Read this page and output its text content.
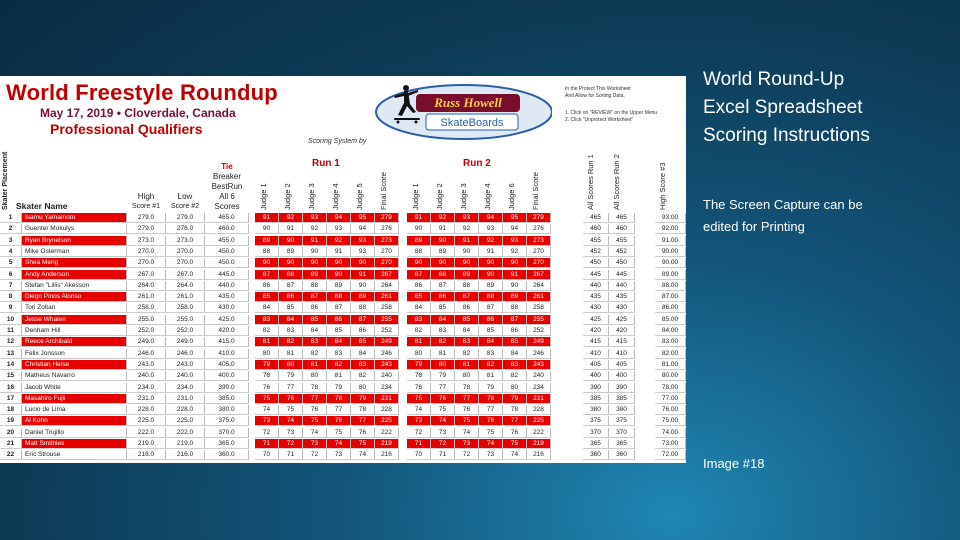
World Freestyle Roundup
May 17, 2019 • Cloverdale, Canada
Professional Qualifiers
Russ Howell
SkateBoards
Scoring System by
In the Protect This Worksheet
And Allow for Sorting Data,
1. Click on "REVIEW" on the Upper Menu
2. Click "Unprotect Worksheet"
Skater Placement Skater Name
High
Score #1
Low
Score #2
Tie
Breaker
BestRun
All 6
Scores
Run 1	Run 2
Judge 1 Judge 2 Judge 3 Judge 4 Judge 5 Final Score	Judge 1 Judge 2 Judge 3 Judge 4 Judge 6 Final Score	All Scores Run 1 All Scores Run 2	High Score #3
1	Isamu Yamamoto	279.0	279.0	465.0	91	92	93	94	95	279	91	92	93	94	95	279	465	465	93.00
2	Guenter Mokulys	279.0	276.0	460.0	90	91	92	93	94	276	90	91	92	93	94	276	460	460	92.00
3	Ryan Brynelson	273.0	273.0	455.0	89	90	91	92	93	273	89	90	91	92	93	273	455	455	91.00
4	Mike Osterman	270.0	270.0	450.0	88	89	90	91	93	270	88	89	90	91	92	270	452	452	90.00
5	Shea Meng	270.0	270.0	450.0	90	90	90	90	90	270	90	90	90	90	90	270	450	450	90.00
6	Andy Anderson	267.0	267.0	445.0	87	88	89	90	91	267	87	88	89	90	91	267	445	445	89.00
7	Stefan "Lillis" Akesson	264.0	264.0	440.0	86	87	88	89	90	264	86	87	88	89	90	264	440	440	88.00
8	Diego Pinos Alonso	261.0	261.0	435.0	85	86	87	88	89	261	85	86	87	88	89	261	435	435	87.00
9	Tori Zoltan	258.0	258.0	430.0	84	85	86	87	88	258	84	85	86	87	88	258	430	430	86.00
10	Jesse Whalen	255.0	255.0	425.0	83	84	85	86	87	255	83	84	85	86	87	255	425	425	85.00
11	Denham Hill	252.0	252.0	420.0	82	83	84	85	86	252	82	83	84	85	86	252	420	420	84.00
12	Reece Archibald	249.0	249.0	415.0	81	82	83	84	85	249	81	82	83	84	85	249	415	415	83.00
13	Felix Jonsson	246.0	246.0	410.0	80	81	82	83	84	246	80	81	82	83	84	246	410	410	82.00
14	Christian Heise	243.0	243.0	405.0	79	80	81	82	83	243	79	80	81	82	83	243	405	405	81.00
15	Matheus Navarro	240.0	240.0	400.0	78	79	80	81	82	240	78	79	80	81	82	240	400	400	80.00
16	Jacob White	234.0	234.0	390.0	76	77	78	79	80	234	76	77	78	79	80	234	390	390	78.00
17	Masahiro Fujii	231.0	231.0	385.0	75	76	77	78	79	231	75	76	77	78	79	231	385	385	77.00
18	Lucio de Lima	228.0	228.0	380.0	74	75	76	77	78	228	74	75	76	77	78	228	380	380	76.00
19	Al Kohn	225.0	225.0	375.0	73	74	75	76	77	225	73	74	75	76	77	225	375	375	75.00
20	Daniel Trujillo	222.0	222.0	370.0	72	73	74	75	76	222	72	73	74	75	76	222	370	370	74.00
21	Matt Smithies	219.0	219.0	365.0	71	72	73	74	75	219	71	72	73	74	75	219	365	365	73.00
22	Eric Strouse	216.0	216.0	360.0	70	71	72	73	74	216	70	71	72	73	74	216	360	360	72.00
World Round-Up
Excel Spreadsheet
Scoring Instructions
The Screen Capture can be
edited for Printing
Image #18
